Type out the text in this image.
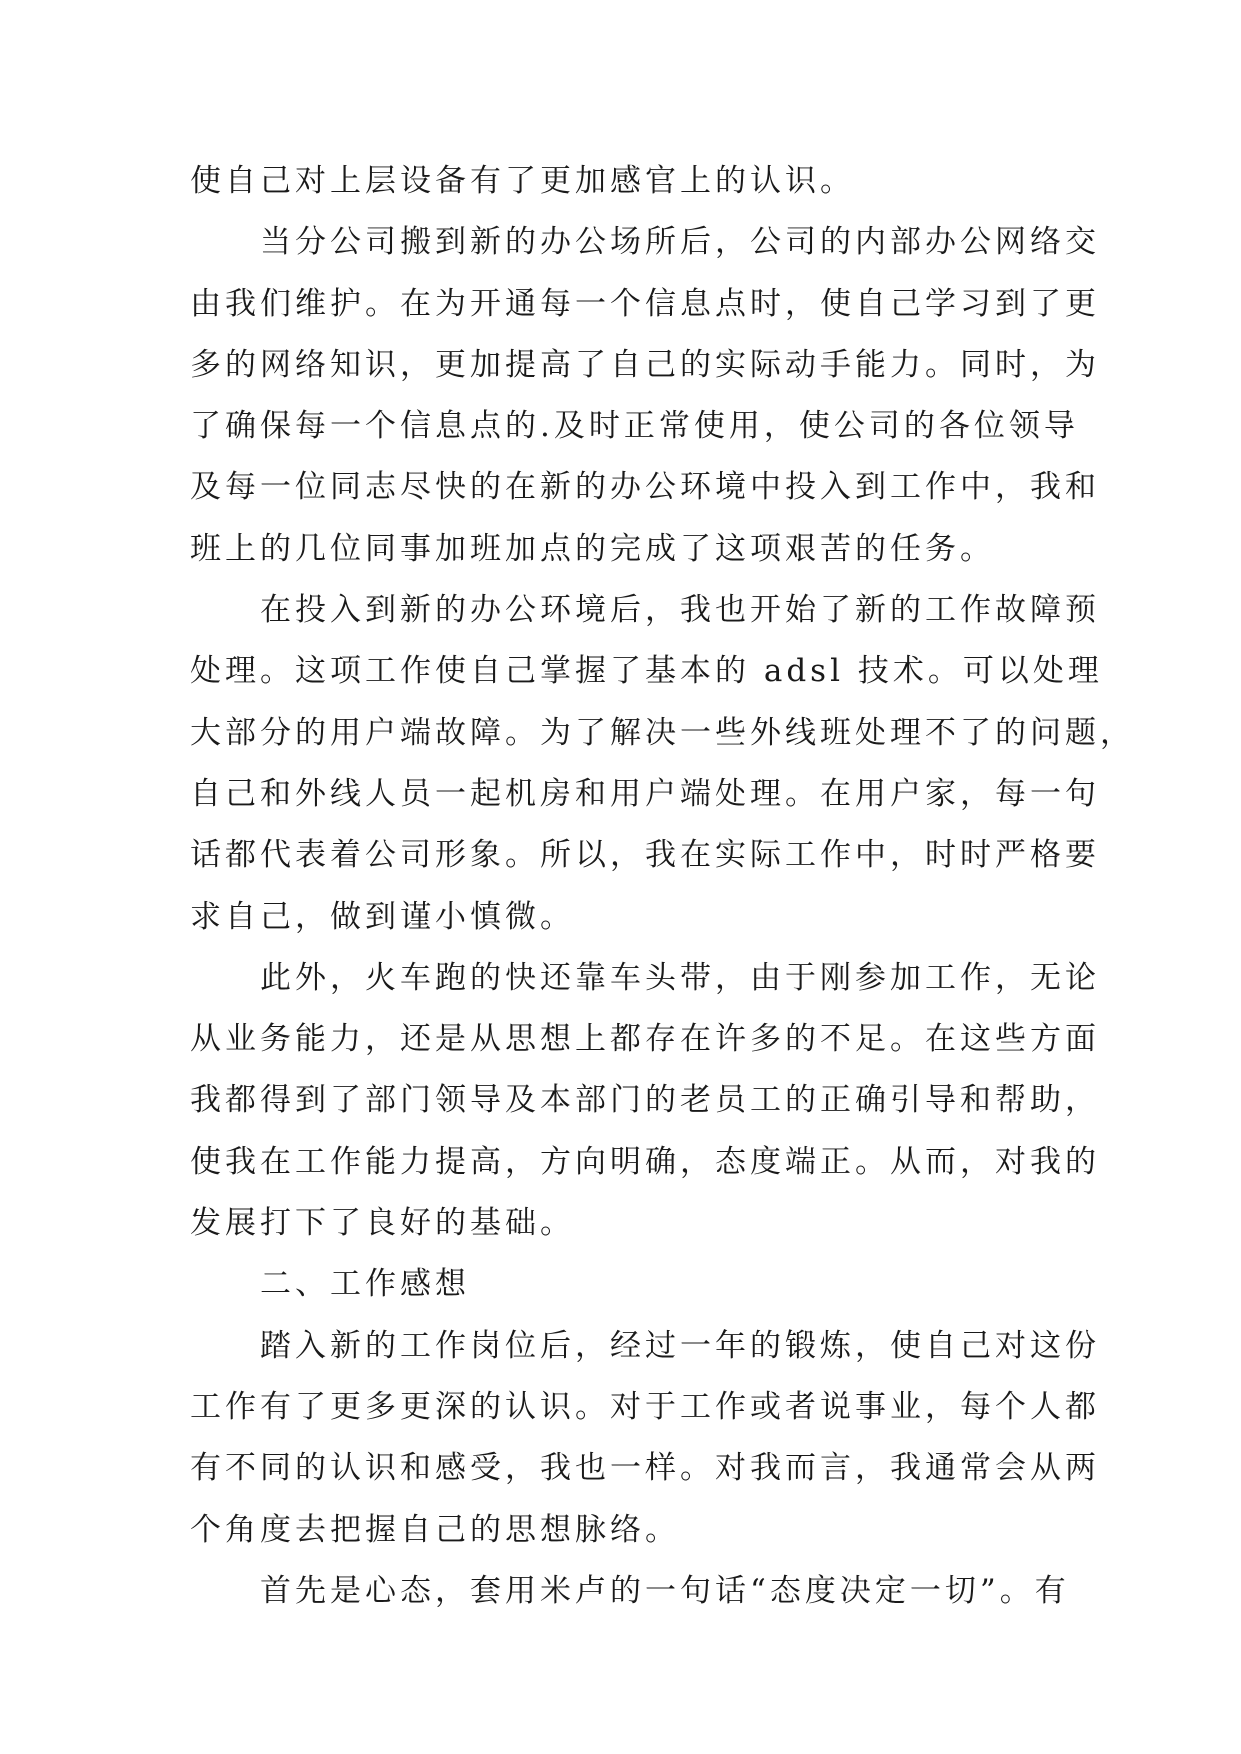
使自己对上层设备有了更加感官上的认识。
当分公司搬到新的办公场所后，公司的内部办公网络交
由我们维护。在为开通每一个信息点时，使自己学习到了更
多的网络知识，更加提高了自己的实际动手能力。同时，为
了确保每一个信息点的.及时正常使用，使公司的各位领导
及每一位同志尽快的在新的办公环境中投入到工作中，我和
班上的几位同事加班加点的完成了这项艰苦的任务。
在投入到新的办公环境后，我也开始了新的工作故障预
处理。这项工作使自己掌握了基本的 adsl 技术。可以处理
大部分的用户端故障。为了解决一些外线班处理不了的问题，
自己和外线人员一起机房和用户端处理。在用户家，每一句
话都代表着公司形象。所以，我在实际工作中，时时严格要
求自己，做到谨小慎微。
此外，火车跑的快还靠车头带，由于刚参加工作，无论
从业务能力，还是从思想上都存在许多的不足。在这些方面
我都得到了部门领导及本部门的老员工的正确引导和帮助，
使我在工作能力提高，方向明确，态度端正。从而，对我的
发展打下了良好的基础。
二、工作感想
踏入新的工作岗位后，经过一年的锻炼，使自己对这份
工作有了更多更深的认识。对于工作或者说事业，每个人都
有不同的认识和感受，我也一样。对我而言，我通常会从两
个角度去把握自己的思想脉络。
首先是心态，套用米卢的一句话“态度决定一切”。有
